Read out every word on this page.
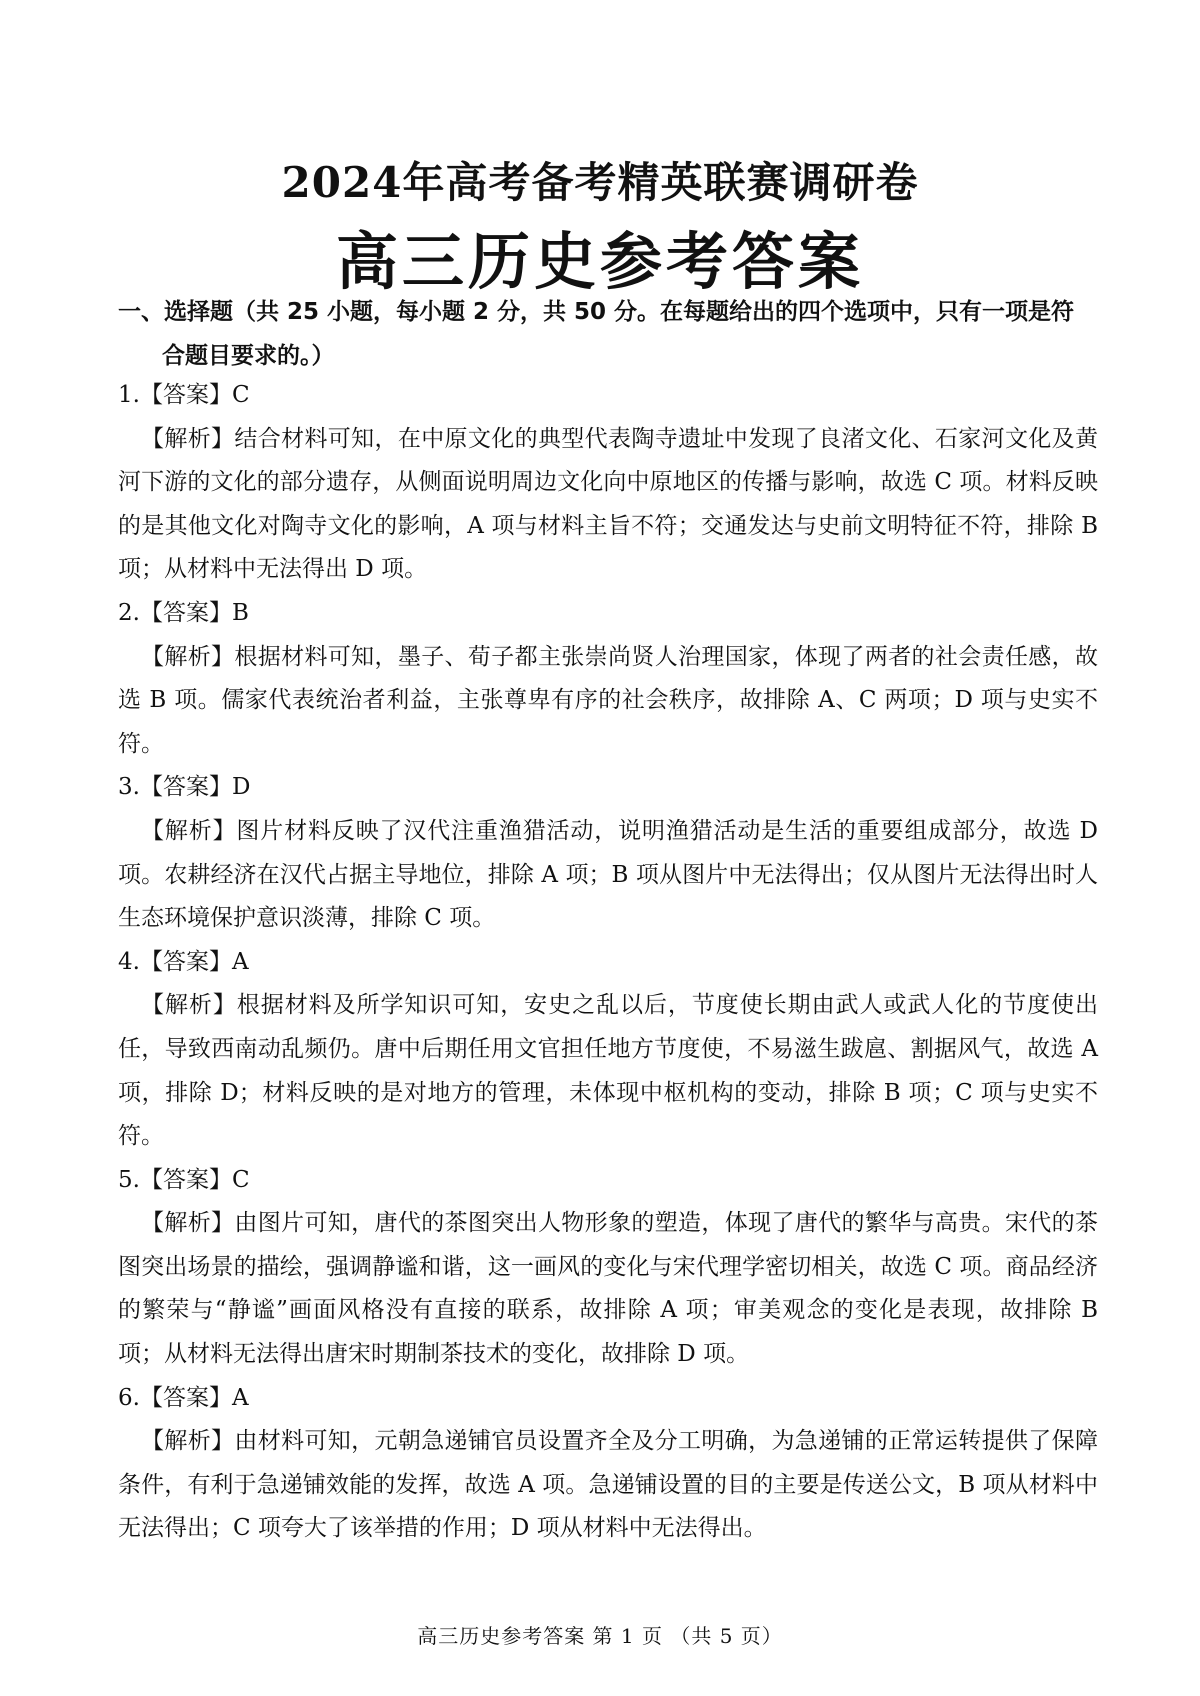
2024年高考备考精英联赛调研卷
高三历史参考答案
一、选择题（共 25 小题，每小题 2 分，共 50 分。在每题给出的四个选项中，只有一项是符
合题目要求的。）
1.【答案】C
【解析】结合材料可知，在中原文化的典型代表陶寺遗址中发现了良渚文化、石家河文化及黄河下游的文化的部分遗存，从侧面说明周边文化向中原地区的传播与影响，故选 C 项。材料反映的是其他文化对陶寺文化的影响，A 项与材料主旨不符；交通发达与史前文明特征不符，排除 B 项；从材料中无法得出 D 项。
2.【答案】B
【解析】根据材料可知，墨子、荀子都主张崇尚贤人治理国家，体现了两者的社会责任感，故选 B 项。儒家代表统治者利益，主张尊卑有序的社会秩序，故排除 A、C 两项；D 项与史实不符。
3.【答案】D
【解析】图片材料反映了汉代注重渔猎活动，说明渔猎活动是生活的重要组成部分，故选 D 项。农耕经济在汉代占据主导地位，排除 A 项；B 项从图片中无法得出；仅从图片无法得出时人生态环境保护意识淡薄，排除 C 项。
4.【答案】A
【解析】根据材料及所学知识可知，安史之乱以后，节度使长期由武人或武人化的节度使出任，导致西南动乱频仍。唐中后期任用文官担任地方节度使，不易滋生跋扈、割据风气，故选 A 项，排除 D；材料反映的是对地方的管理，未体现中枢机构的变动，排除 B 项；C 项与史实不符。
5.【答案】C
【解析】由图片可知，唐代的茶图突出人物形象的塑造，体现了唐代的繁华与高贵。宋代的茶图突出场景的描绘，强调静谧和谐，这一画风的变化与宋代理学密切相关，故选 C 项。商品经济的繁荣与“静谧”画面风格没有直接的联系，故排除 A 项；审美观念的变化是表现，故排除 B 项；从材料无法得出唐宋时期制茶技术的变化，故排除 D 项。
6.【答案】A
【解析】由材料可知，元朝急递铺官员设置齐全及分工明确，为急递铺的正常运转提供了保障条件，有利于急递铺效能的发挥，故选 A 项。急递铺设置的目的主要是传送公文，B 项从材料中无法得出；C 项夸大了该举措的作用；D 项从材料中无法得出。
高三历史参考答案 第 1 页 （共 5 页）
